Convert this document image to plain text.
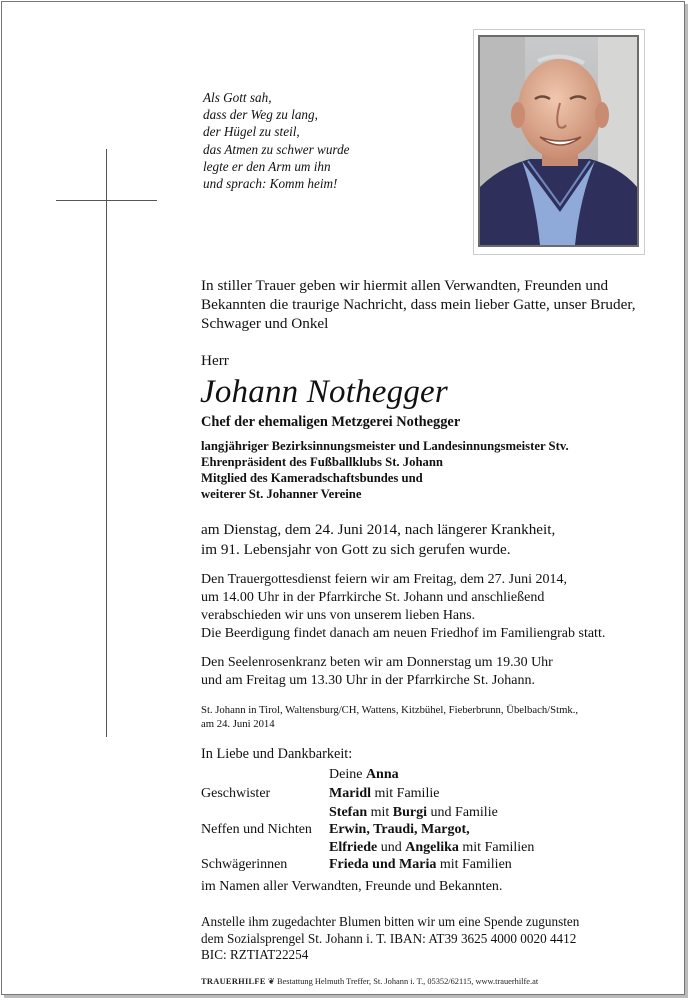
Als Gott sah,
dass der Weg zu lang,
der Hügel zu steil,
das Atmen zu schwer wurde
legte er den Arm um ihn
und sprach: Komm heim!
In stiller Trauer geben wir hiermit allen Verwandten, Freunden und
Bekannten die traurige Nachricht, dass mein lieber Gatte, unser Bruder,
Schwager und Onkel
Herr
Johann Nothegger
Chef der ehemaligen Metzgerei Nothegger
langjähriger Bezirksinnungsmeister und Landesinnungsmeister Stv.
Ehrenpräsident des Fußballklubs St. Johann
Mitglied des Kameradschaftsbundes und
weiterer St. Johanner Vereine
am Dienstag, dem 24. Juni 2014, nach längerer Krankheit,
im 91. Lebensjahr von Gott zu sich gerufen wurde.
Den Trauergottesdienst feiern wir am Freitag, dem 27. Juni 2014,
um 14.00 Uhr in der Pfarrkirche St. Johann und anschließend
verabschieden wir uns von unserem lieben Hans.
Die Beerdigung findet danach am neuen Friedhof im Familiengrab statt.
Den Seelenrosenkranz beten wir am Donnerstag um 19.30 Uhr
und am Freitag um 13.30 Uhr in der Pfarrkirche St. Johann.
St. Johann in Tirol, Waltensburg/CH, Wattens, Kitzbühel, Fieberbrunn, Übelbach/Stmk.,
am 24. Juni 2014
In Liebe und Dankbarkeit:
Deine Anna
Geschwister	Maridl mit Familie
Stefan mit Burgi und Familie
Neffen und Nichten Erwin, Traudi, Margot,
Elfriede und Angelika mit Familien
Schwägerinnen	Frieda und Maria mit Familien
im Namen aller Verwandten, Freunde und Bekannten.
Anstelle ihm zugedachter Blumen bitten wir um eine Spende zugunsten
dem Sozialsprengel St. Johann i. T. IBAN: AT39 3625 4000 0020 4412
BIC: RZTIAT22254
TRAUERHILFE ❦ Bestattung Helmuth Treffer, St. Johann i. T., 05352/62115, www.trauerhilfe.at
